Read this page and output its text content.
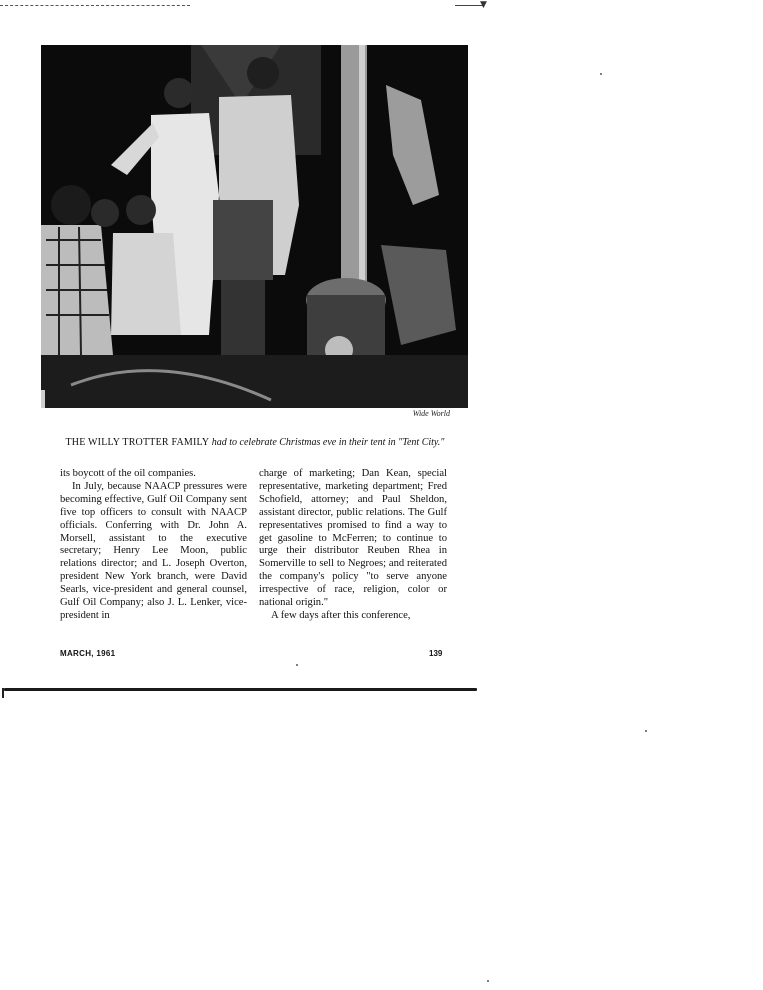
▼
Wide World
THE WILLY TROTTER FAMILY had to celebrate Christmas eve in their tent in "Tent City."

its boycott of the oil companies.

In July, because NAACP pressures were becoming effective, Gulf Oil Company sent five top officers to consult with NAACP officials. Conferring with Dr. John A. Morsell, assistant to the executive secretary; Henry Lee Moon, public relations director; and L. Joseph Overton, president New York branch, were David Searls, vice-president and general counsel, Gulf Oil Company; also J. L. Lenker, vice-president in

charge of marketing; Dan Kean, special representative, marketing department; Fred Schofield, attorney; and Paul Sheldon, assistant director, public relations. The Gulf representatives promised to find a way to get gasoline to McFerren; to continue to urge their distributor Reuben Rhea in Somerville to sell to Negroes; and reiterated the company's policy "to serve anyone irrespective of race, religion, color or national origin."

A few days after this conference,

MARCH, 1961	139
